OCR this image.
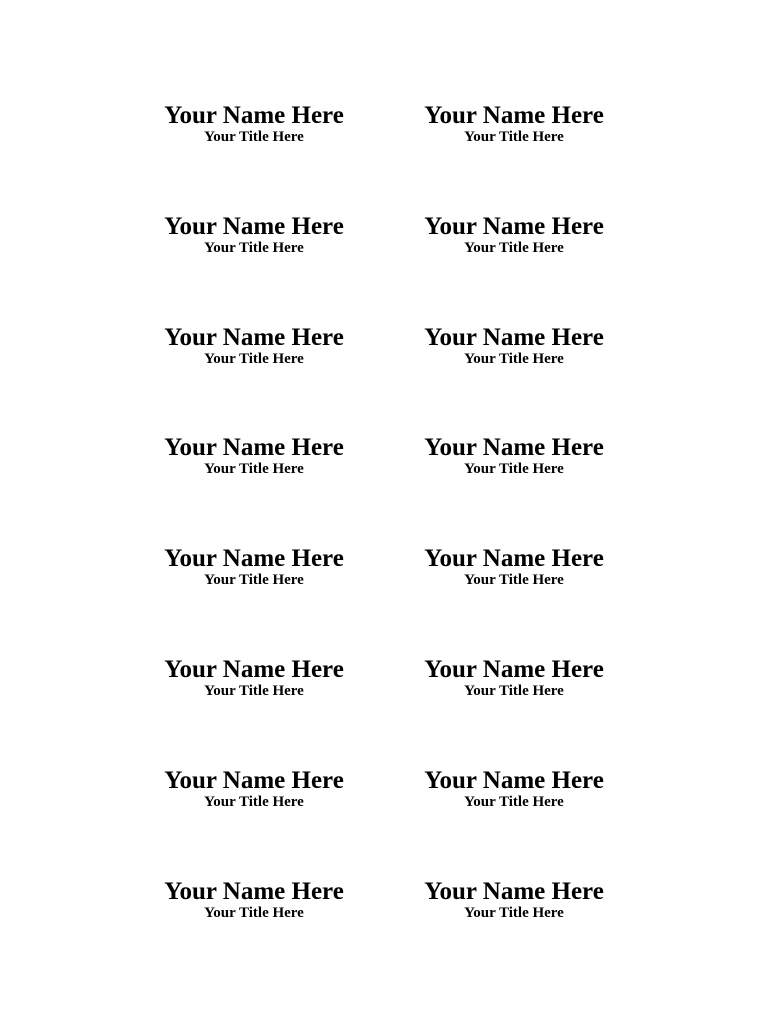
Your Name Here
Your Title Here
Your Name Here
Your Title Here
Your Name Here
Your Title Here
Your Name Here
Your Title Here
Your Name Here
Your Title Here
Your Name Here
Your Title Here
Your Name Here
Your Title Here
Your Name Here
Your Title Here
Your Name Here
Your Title Here
Your Name Here
Your Title Here
Your Name Here
Your Title Here
Your Name Here
Your Title Here
Your Name Here
Your Title Here
Your Name Here
Your Title Here
Your Name Here
Your Title Here
Your Name Here
Your Title Here
